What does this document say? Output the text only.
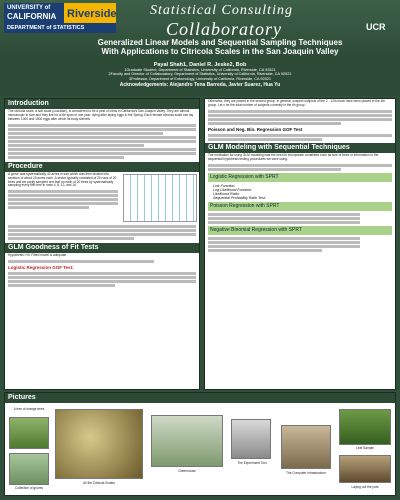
UNIVERSITY of
CALIFORNIA Riverside
DEPARTMENT of STATISTICS
Statistical Consulting
Collaboratory	UCR
Generalized Linear Models and Sequential Sampling Techniques
With Applications to Citricola Scales in the San Joaquin Valley
Payal Shah1, Daniel R. Jeske2, Bob
1Graduate Student, Department of Statistics, University of California, Riverside, CA 92521
2Faculty and Director of Collaboratory, Department of Statistics, University of California, Riverside, CA 92521
3Professor, Department of Entomology, University of California, Riverside, CA 92521
Acknowledgements: Alejandro Tena Barreda, Javier Suarez, Hua Yu
Introduction
The citricola scale, a soft scale (coccidae), is considered to be a pest of citrus in California's San Joaquin Valley. They are almost microscopic in size and they live for a life span of one year, dying after laying eggs in the Spring. Each female citricola scale can lay between 1000 and 1500 eggs after which its body shrivels.
Procedure
A grove was systematically 40 acres in size which was then divided into sections of about 16 acres each. A sector typically consisted of 20 rows of 20 trees and we partly sampled one leaf on each of 20 trees by systematically sampling every fifth tree in rows 4, 8, 12, and 16.
GLM Goodness of Fit Tests
Hypothesis: H0: Fitted model is adequate
Logistic Regression GOF Test:
Otherwise, they are placed in the second group. In general, suspect subjects of the 2 - 12th block have been placed in the 4th group. Let n be the total number of subjects currently in the ith group.
Poisson and Neg. Bin. Regression GOF Test
GLM Modeling with Sequential Techniques
The motivation for using GLM modeling was the need to incorporate covariates such as size of trees or information in the sequential hypothesis testing procedures we were using.
Logistic Regression with SPRT
Link Function:
Log-Likelihood Function:
Likelihood Ratio:
Sequential Probability Ratio Test:
Poisson Regression with SPRT
Negative Binomial Regression with SPRT
Pictures
A tree of orange trees
Collection of groves
All the Citricola Scales
Greenhouse
The Experiment Tool
The Computer Infrastructure
Leaf Sample
Laying out the pots
